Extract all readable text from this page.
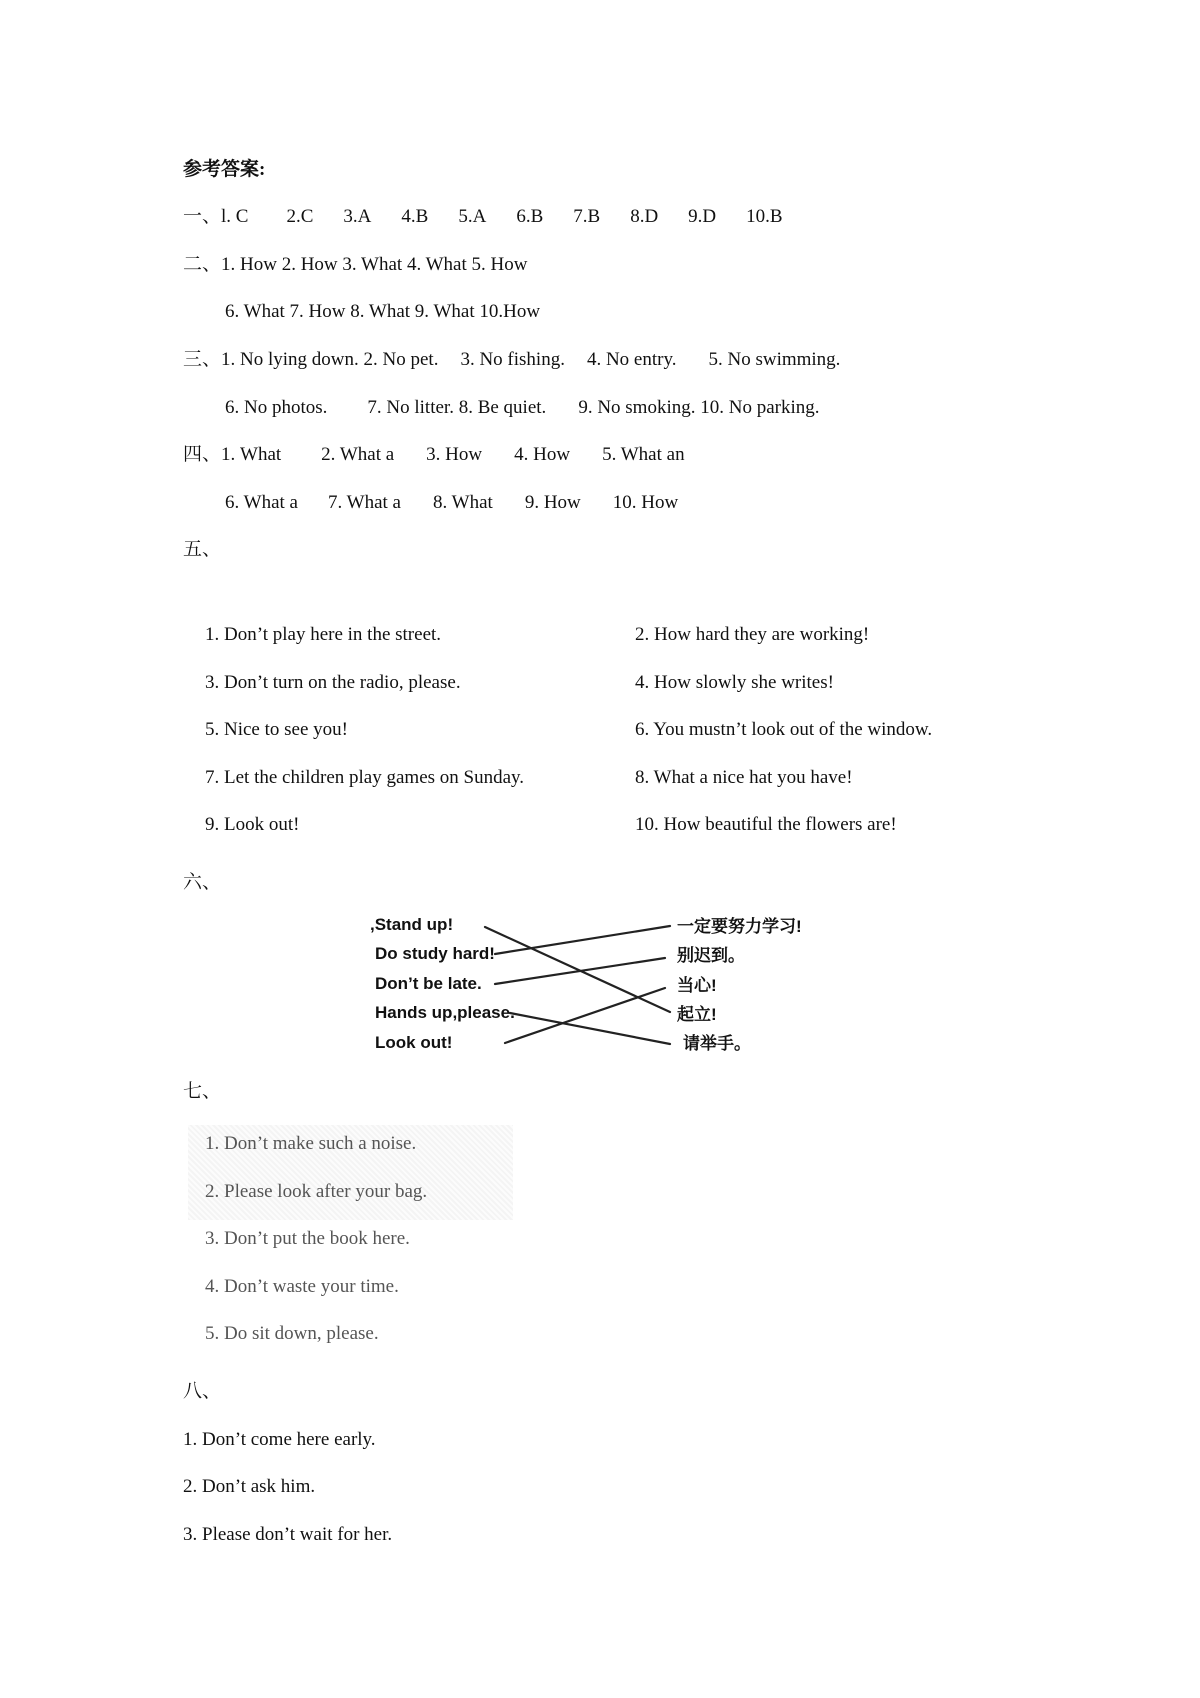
参考答案:
一、l. C 2.C 3.A 4.B 5.A 6.B 7.B 8.D 9.D 10.B
二、1. How 2. How 3. What 4. What 5. How
6. What 7. How 8. What 9. What 10.How
三、1. No lying down. 2. No pet. 3. No fishing. 4. No entry. 5. No swimming.
6. No photos. 7. No litter. 8. Be quiet. 9. No smoking. 10. No parking.
四、1. What 2. What a 3. How 4. How 5. What an
6. What a 7. What a 8. What 9. How 10. How
五、
1. Don’t play here in the street.
3. Don’t turn on the radio, please.
5. Nice to see you!
7. Let the children play games on Sunday.
9. Look out!
2. How hard they are working!
4. How slowly she writes!
6. You mustn’t look out of the window.
8. What a nice hat you have!
10. How beautiful the flowers are!
六、
,Stand up!
Do study hard!
Don’t be late.
Hands up,please.
Look out!
一定要努力学习!
别迟到。
当心!
起立!
请举手。
七、
1. Don’t make such a noise.
2. Please look after your bag.
3. Don’t put the book here.
4. Don’t waste your time.
5. Do sit down, please.
八、
1. Don’t come here early.
2. Don’t ask him.
3. Please don’t wait for her.
